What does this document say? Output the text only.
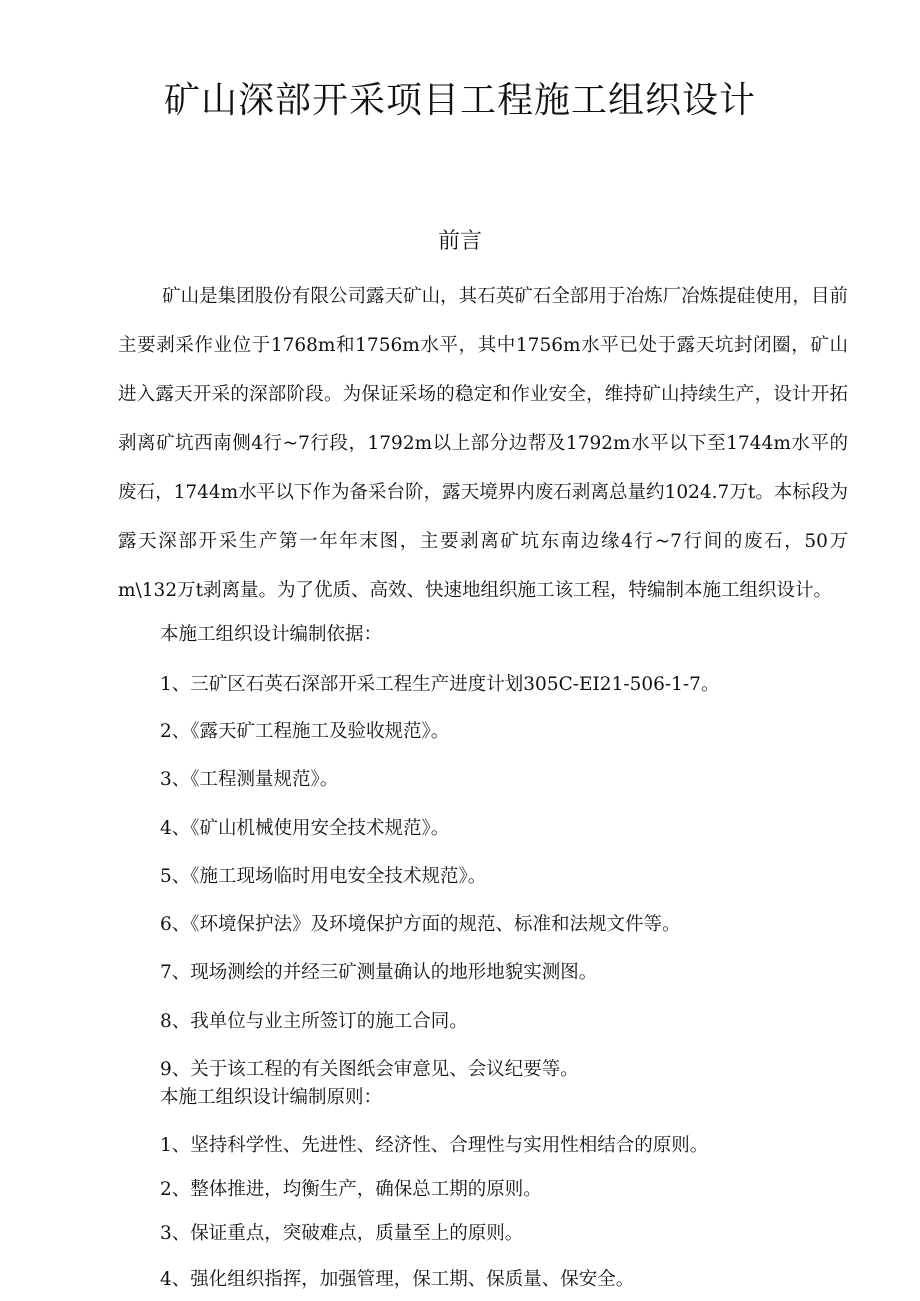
矿山深部开采项目工程施工组织设计
前言

矿山是集团股份有限公司露天矿山，其石英矿石全部用于冶炼厂冶炼提硅使用，目前主要剥采作业位于1768m和1756m水平，其中1756m水平已处于露天坑封闭圈，矿山进入露天开采的深部阶段。为保证采场的稳定和作业安全，维持矿山持续生产，设计开拓剥离矿坑西南侧4行~7行段，1792m以上部分边帮及1792m水平以下至1744m水平的废石，1744m水平以下作为备采台阶，露天境界内废石剥离总量约1024.7万t。本标段为露天深部开采生产第一年年末图，主要剥离矿坑东南边缘4行~7行间的废石，50万m\132万t剥离量。为了优质、高效、快速地组织施工该工程，特编制本施工组织设计。

本施工组织设计编制依据：
1、三矿区石英石深部开采工程生产进度计划305C-EI21-506-1-7。
2、《露天矿工程施工及验收规范》。
3、《工程测量规范》。
4、《矿山机械使用安全技术规范》。
5、《施工现场临时用电安全技术规范》。
6、《环境保护法》及环境保护方面的规范、标准和法规文件等。
7、现场测绘的并经三矿测量确认的地形地貌实测图。
8、我单位与业主所签订的施工合同。
9、关于该工程的有关图纸会审意见、会议纪要等。
本施工组织设计编制原则：
1、坚持科学性、先进性、经济性、合理性与实用性相结合的原则。
2、整体推进，均衡生产，确保总工期的原则。
3、保证重点，突破难点，质量至上的原则。
4、强化组织指挥，加强管理，保工期、保质量、保安全。
